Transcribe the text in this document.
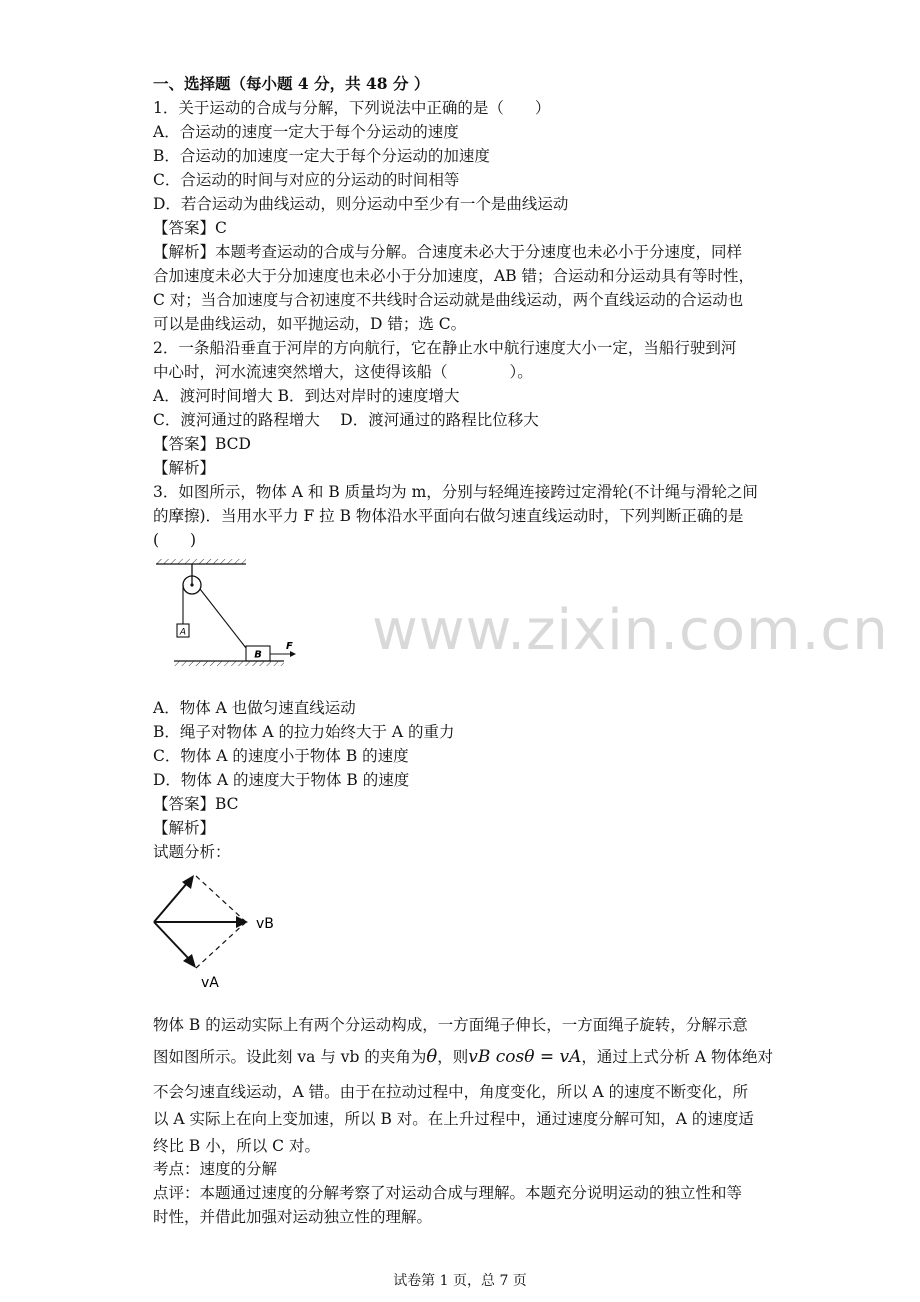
一、选择题（每小题 4 分，共 48 分 ）
1．关于运动的合成与分解，下列说法中正确的是（　　）
A．合运动的速度一定大于每个分运动的速度
B．合运动的加速度一定大于每个分运动的加速度
C．合运动的时间与对应的分运动的时间相等
D．若合运动为曲线运动，则分运动中至少有一个是曲线运动
【答案】C
【解析】本题考查运动的合成与分解。合速度未必大于分速度也未必小于分速度，同样
合加速度未必大于分加速度也未必小于分加速度，AB 错；合运动和分运动具有等时性，
C 对；当合加速度与合初速度不共线时合运动就是曲线运动，两个直线运动的合运动也
可以是曲线运动，如平抛运动，D 错；选 C。
2．一条船沿垂直于河岸的方向航行，它在静止水中航行速度大小一定，当船行驶到河
中心时，河水流速突然增大，这使得该船（　　　　）。
A．渡河时间增大 B．到达对岸时的速度增大
C．渡河通过的路程增大　 D．渡河通过的路程比位移大
【答案】BCD
【解析】
3．如图所示，物体 A 和 B 质量均为 m，分别与轻绳连接跨过定滑轮(不计绳与滑轮之间
的摩擦)．当用水平力 F 拉 B 物体沿水平面向右做匀速直线运动时，下列判断正确的是
(　　)
A
B
F www.zixin.com.cn
A．物体 A 也做匀速直线运动
B．绳子对物体 A 的拉力始终大于 A 的重力
C．物体 A 的速度小于物体 B 的速度
D．物体 A 的速度大于物体 B 的速度
【答案】BC
【解析】
试题分析：
vB
vA
物体 B 的运动实际上有两个分运动构成，一方面绳子伸长，一方面绳子旋转，分解示意
图如图所示。设此刻 va 与 vb 的夹角为θ，则vB cosθ = vA，通过上式分析 A 物体绝对
不会匀速直线运动，A 错。由于在拉动过程中，角度变化，所以 A 的速度不断变化，所
以 A 实际上在向上变加速，所以 B 对。在上升过程中，通过速度分解可知，A 的速度适
终比 B 小，所以 C 对。
考点：速度的分解
点评：本题通过速度的分解考察了对运动合成与理解。本题充分说明运动的独立性和等
时性，并借此加强对运动独立性的理解。
试卷第 1 页，总 7 页
